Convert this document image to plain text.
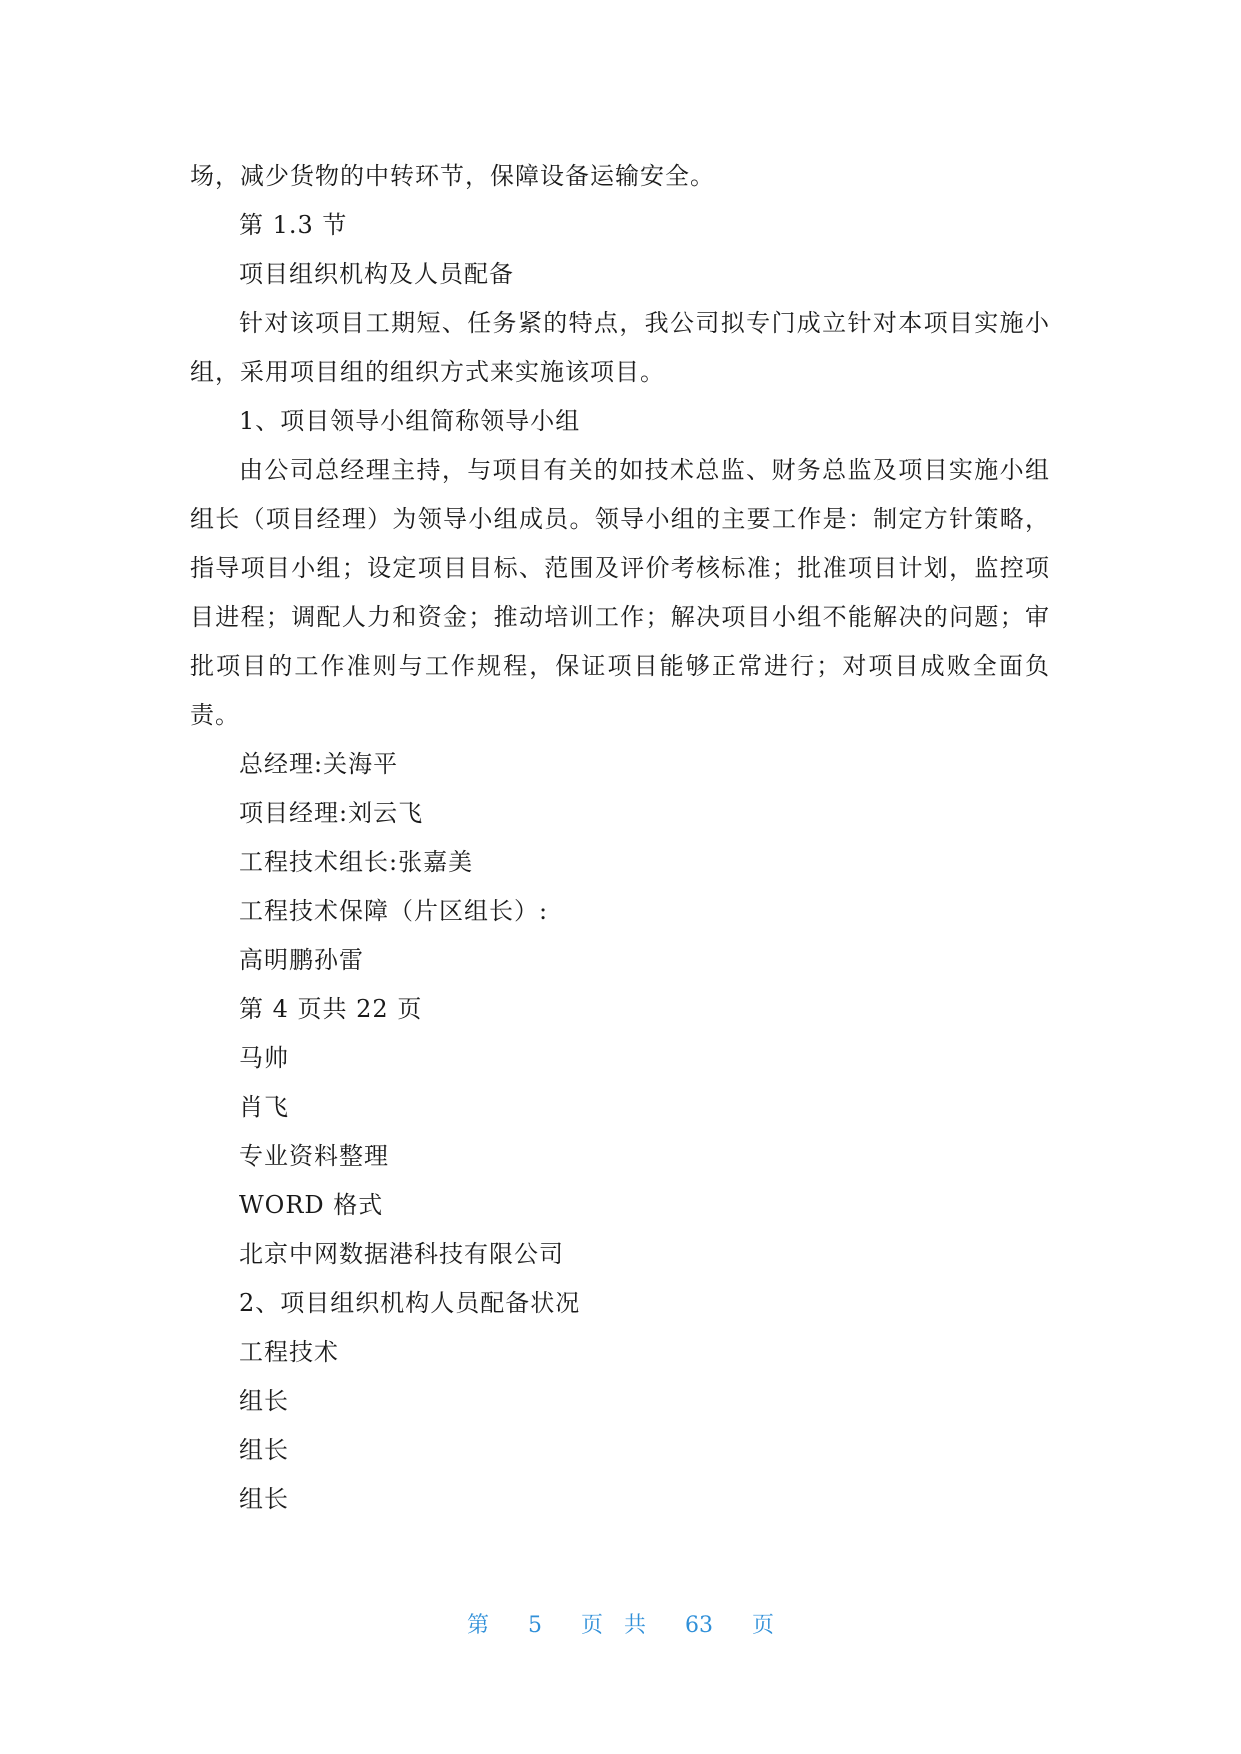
场，减少货物的中转环节，保障设备运输安全。
第 1.3 节
项目组织机构及人员配备
针对该项目工期短、任务紧的特点，我公司拟专门成立针对本项目实施小组，采用项目组的组织方式来实施该项目。
1、项目领导小组简称领导小组
由公司总经理主持，与项目有关的如技术总监、财务总监及项目实施小组组长（项目经理）为领导小组成员。领导小组的主要工作是：制定方针策略，指导项目小组；设定项目目标、范围及评价考核标准；批准项目计划，监控项目进程；调配人力和资金；推动培训工作；解决项目小组不能解决的问题；审批项目的工作准则与工作规程，保证项目能够正常进行；对项目成败全面负责。
总经理:关海平
项目经理:刘云飞
工程技术组长:张嘉美
工程技术保障（片区组长）:
高明鹏孙雷
第 4 页共 22 页
马帅
肖飞
专业资料整理
WORD 格式
北京中网数据港科技有限公司
2、项目组织机构人员配备状况
工程技术
组长
组长
组长
第 5 页 共 63 页
